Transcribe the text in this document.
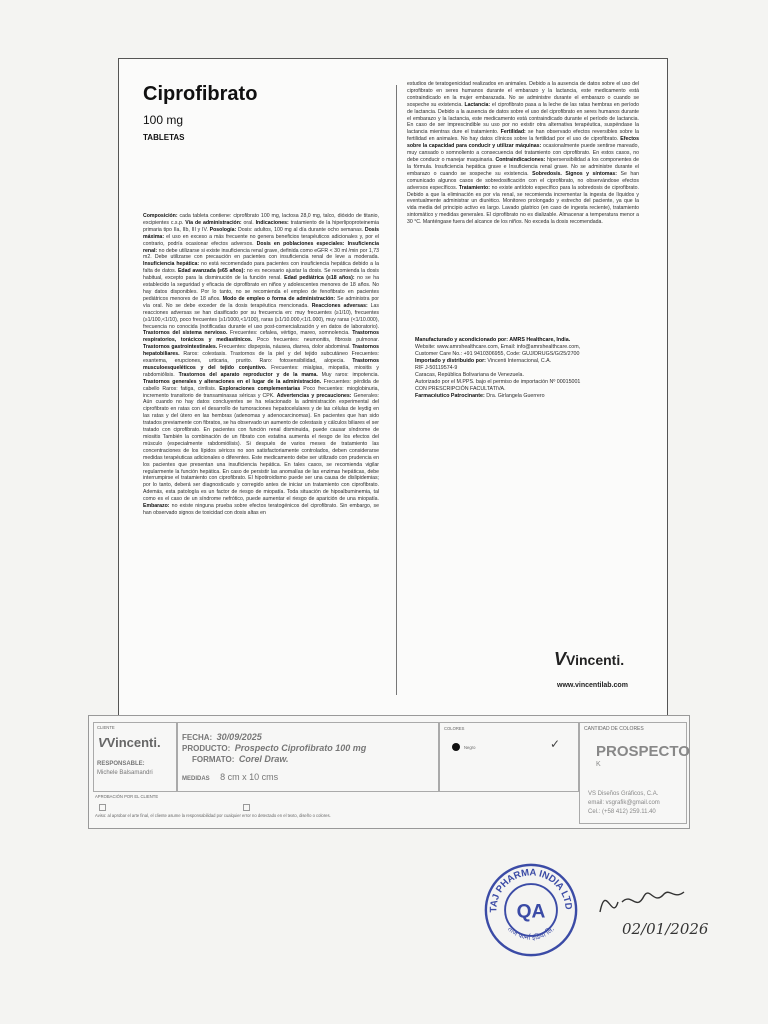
Ciprofibrato
100 mg
TABLETAS

Composición: cada tableta contiene: ciprofibrato 100 mg, lactosa 28,0 mg, talco, dióxido de titanio, excipientes c.s.p. Vía de administración: oral. Indicaciones: tratamiento de la hiperlipoproteinemia primaria tipo IIa, IIb, III y IV. Posología: Dosis: adultos, 100 mg al día durante ocho semanas. Dosis máxima: el uso en exceso a más frecuente no genera beneficios terapéuticos adicionales y, por el contrario, podría ocasionar efectos adversos. Dosis en poblaciones especiales: Insuficiencia renal: no debe utilizarse si existe insuficiencia renal grave, definida como eGFR < 30 ml /min por 1,73 m2. Debe utilizarse con precaución en pacientes con insuficiencia renal de leve a moderada. Insuficiencia hepática: no está recomendado para pacientes con insuficiencia hepática debido a la falta de datos. Edad avanzada (≥65 años): no es necesario ajustar la dosis. Se recomienda la dosis habitual, excepto para la disminución de la función renal. Edad pediátrica (≤18 años): no se ha establecido la seguridad y eficacia de ciprofibrato en niños y adolescentes menores de 18 años. No hay datos disponibles. Por lo tanto, no se recomienda el empleo de fenofibrato en pacientes pediátricos menores de 18 años. Modo de empleo o forma de administración: Se administra por vía oral. No se debe exceder de la dosis terapéutica mencionada. Reacciones adversas: Las reacciones adversas se han clasificado por su frecuencia en: muy frecuentes (≥1/10), frecuentes (≥1/100,<1/10), poco frecuentes (≥1/1000,<1/100), raras (≥1/10.000,<1/1.000), muy raras (<1/10.000), frecuencia no conocida (notificadas durante el uso post-comercialización y en datos de laboratorio). Trastornos del sistema nervioso. Frecuentes: cefalea, vértigo, mareo, somnolencia. Trastornos respiratorios, torácicos y mediastínicos. Poco frecuentes: neumonitis, fibrosis pulmonar. Trastornos gastrointestinales. Frecuentes: dispepsia, náusea, diarrea, dolor abdominal. Trastornos hepatobiliares. Raros: colestasis. Trastornos de la piel y del tejido subcutáneo Frecuentes: exantema, erupciones, urticaria, prurito. Raro: fotosensibilidad, alopecia. Trastornos musculoesqueléticos y del tejido conjuntivo. Frecuentes: mialgias, miopatía, miositis y rabdomiólisis. Trastornos del aparato reproductor y de la mama. Muy raros: impotencia. Trastornos generales y alteraciones en el lugar de la administración. Frecuentes: pérdida de cabello Raros: fatiga, cirrilisis. Exploraciones complementarias Poco frecuentes: mioglobinuria, incremento transitorio de transaminasas séricas y CPK. Advertencias y precauciones: Generales: Aún cuando no hay datos concluyentes se ha relacionado la administración experimental del ciprofibrato en ratas con el desarrollo de tumoraciones hepatocelulares y de las células de leydig en las ratas y del útero en las hembras (adenomas y adenocarcinomas). En pacientes que han sido tratados previamente con fibratos, se ha observado un aumento de colestasis y cálculos biliares el ser tratado con ciprofibrato. En pacientes con función renal disminuida, puede causar síndrome de miositis También la combinación de un fibrato con estatina aumenta el riesgo de los efectos del músculo (especialmente rabdomiólisis). Si después de varios meses de tratamiento las concentraciones de los lípidos séricos no son satisfactoriamente controlados, deben considerarse medidas terapéuticas adicionales o diferentes. Este medicamento debe ser utilizado con prudencia en los pacientes que presentan una insuficiencia hepática. En tales casos, se recomienda vigilar regularmente la función hepática. En caso de persistir las anomalías de las enzimas hepáticas, debe interrumpirse el tratamiento con ciprofibrato. El hipotiroidismo puede ser una causa de dislipidemias; por lo tanto, deberá ser diagnosticado y corregido antes de iniciar un tratamiento con ciprofibrato. Además, esta patología es un factor de riesgo de miopatía. Toda situación de hipoalbuminemia, tal como es el caso de un síndrome nefrótico, puede aumentar el riesgo de aparición de una miopatía. Embarazo: no existe ninguna prueba sobre efectos teratogénicos del ciprofibrato. Sin embargo, se han observado signos de toxicidad con dosis altas en

estudios de teratogenicidad realizados en animales. Debido a la ausencia de datos sobre el uso del ciprofibrato en seres humanos durante el embarazo y la lactancia, este medicamento está contraindicado en la mujer embarazada. No se administre durante el embarazo o cuando se sospeche su existencia. Lactancia: el ciprofibrato pasa a la leche de las ratas hembras en período de lactancia. Debido a la ausencia de datos sobre el uso del ciprofibrato en seres humanos durante el embarazo y la lactancia, este medicamento está contraindicado durante el período de lactancia. En caso de ser imprescindible su uso por no existir otra alternativa terapéutica, suspéndase la lactancia mientras dure el tratamiento. Fertilidad: se han observado efectos reversibles sobre la fertilidad en animales. No hay datos clínicos sobre la fertilidad por el uso de ciprofibrato. Efectos sobre la capacidad para conducir y utilizar máquinas: ocasionalmente puede sentirse mareado, muy cansado o somnoliento a consecuencia del tratamiento con ciprofibrato. En estos casos, no debe conducir o manejar maquinaria. Contraindicaciones: hipersensibilidad a los componentes de la fórmula. Insuficiencia hepática grave e Insuficiencia renal grave. No se administre durante el embarazo o cuando se sospeche su existencia. Sobredosis. Signos y síntomas: Se han comunicado algunos casos de sobredosificación con el ciprofibrato, no observándose efectos adversos específicos. Tratamiento: no existe antídoto específico para la sobredosis de ciprofibrato. Debido a que la eliminación es por vía renal, se recomienda incrementar la ingesta de líquidos y eventualmente administrar un diurético. Monitoreo prolongado y estrecho del paciente, ya que la vida media del principio activo es largo. Lavado gástrico (en caso de ingesta reciente), tratamiento sintomático y medidas generales. El ciprofibrato no es dializable. Almacenar a temperatura menor a 30 °C. Manténgase fuera del alcance de los niños. No exceda la dosis recomendada.

Manufacturado y acondicionado por: AMRS Healthcare, India.
Website: www.amrshealthcare.com, Email: info@amrshealthcare.com,
Customer Care No.: +91 9410306955, Code: GUJ/DRUGS/G/25/2700
Importado y distribuido por: Vincenti Internacional, C.A.
RIF J-50119574-9
Caracas, República Bolivariana de Venezuela.
Autorizado por el M.PPS. bajo el permiso de importación Nº 00015001
CON PRESCRIPCIÓN FACULTATIVA.
Farmacéutico Patrocinante: Dra. Girlangela Guerrero
VVincenti.
www.vincentilab.com
CLIENTE
VVincenti.
RESPONSABLE:
Michele Balsamandri
FECHA: 30/09/2025
PRODUCTO: Prospecto Ciprofibrato 100 mg
FORMATO: Corel Draw.
MEDIDAS 8 cm x 10 cms
COLORES
Negro	✓
CANTIDAD DE COLORES
PROSPECTO
K
VS Diseños Gráficos, C.A.
email: vsgrafik@gmail.com
Cel.: (+58 412) 259.11.40
APROBACIÓN POR EL CLIENTE
Aviso: al aprobar el arte final, el cliente asume la responsabilidad por cualquier error no detectado en el texto, diseño o colores.
TAJ PHARMA INDIA LTD
ताज फार्मा इंडिया लि.
QA
02/01/2026
